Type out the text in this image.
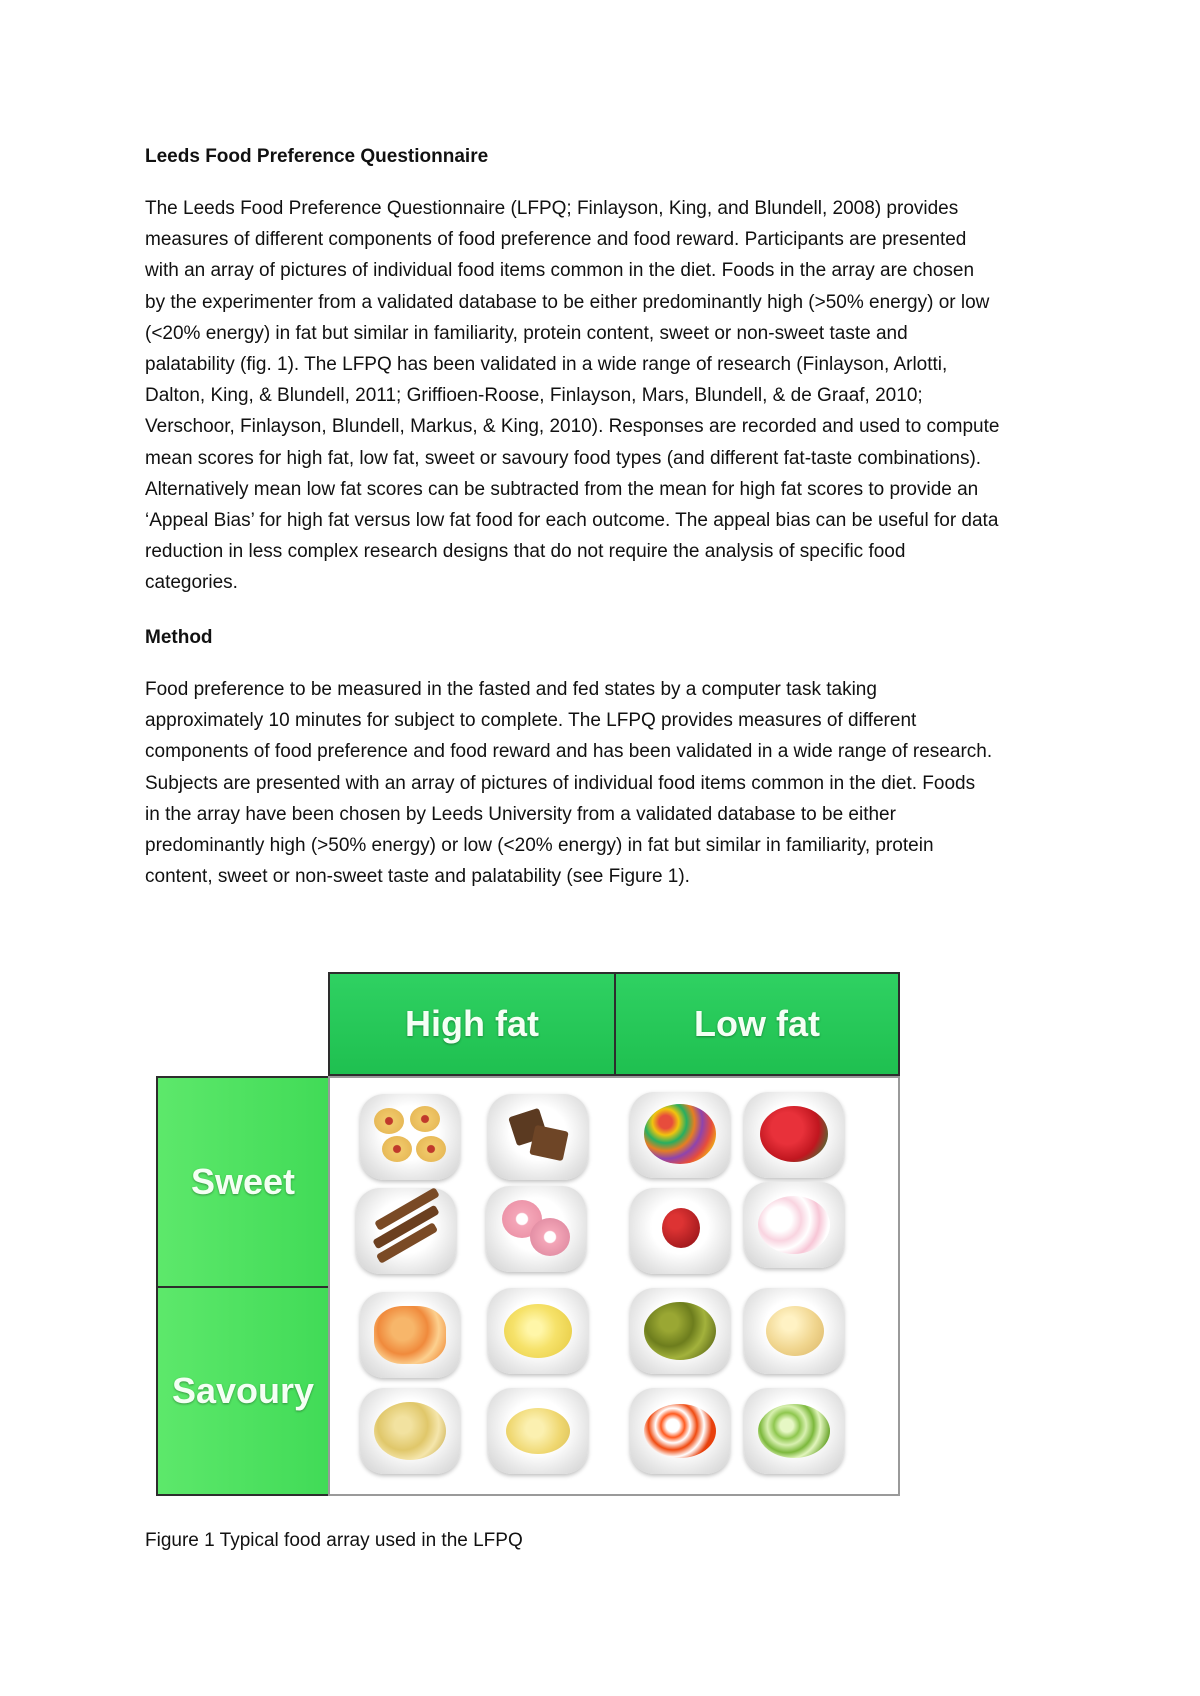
Leeds Food Preference Questionnaire
The Leeds Food Preference Questionnaire (LFPQ; Finlayson, King, and Blundell, 2008) provides
measures of different components of food preference and food reward. Participants are presented
with an array of pictures of individual food items common in the diet. Foods in the array are chosen
by the experimenter from a validated database to be either predominantly high (>50% energy) or low
(<20% energy) in fat but similar in familiarity, protein content, sweet or non-sweet taste and
palatability (fig. 1). The LFPQ has been validated in a wide range of research (Finlayson, Arlotti,
Dalton, King, & Blundell, 2011; Griffioen-Roose, Finlayson, Mars, Blundell, & de Graaf, 2010;
Verschoor, Finlayson, Blundell, Markus, & King, 2010). Responses are recorded and used to compute
mean scores for high fat, low fat, sweet or savoury food types (and different fat-taste combinations).
Alternatively mean low fat scores can be subtracted from the mean for high fat scores to provide an
‘Appeal Bias’ for high fat versus low fat food for each outcome. The appeal bias can be useful for data
reduction in less complex research designs that do not require the analysis of specific food
categories.
Method
Food preference to be measured in the fasted and fed states by a computer task taking
approximately 10 minutes for subject to complete. The LFPQ provides measures of different
components of food preference and food reward and has been validated in a wide range of research.
Subjects are presented with an array of pictures of individual food items common in the diet. Foods
in the array have been chosen by Leeds University from a validated database to be either
predominantly high (>50% energy) or low (<20% energy) in fat but similar in familiarity, protein
content, sweet or non-sweet taste and palatability (see Figure 1).
High fat	Low fat
Sweet
Savoury
Figure 1 Typical food array used in the LFPQ
